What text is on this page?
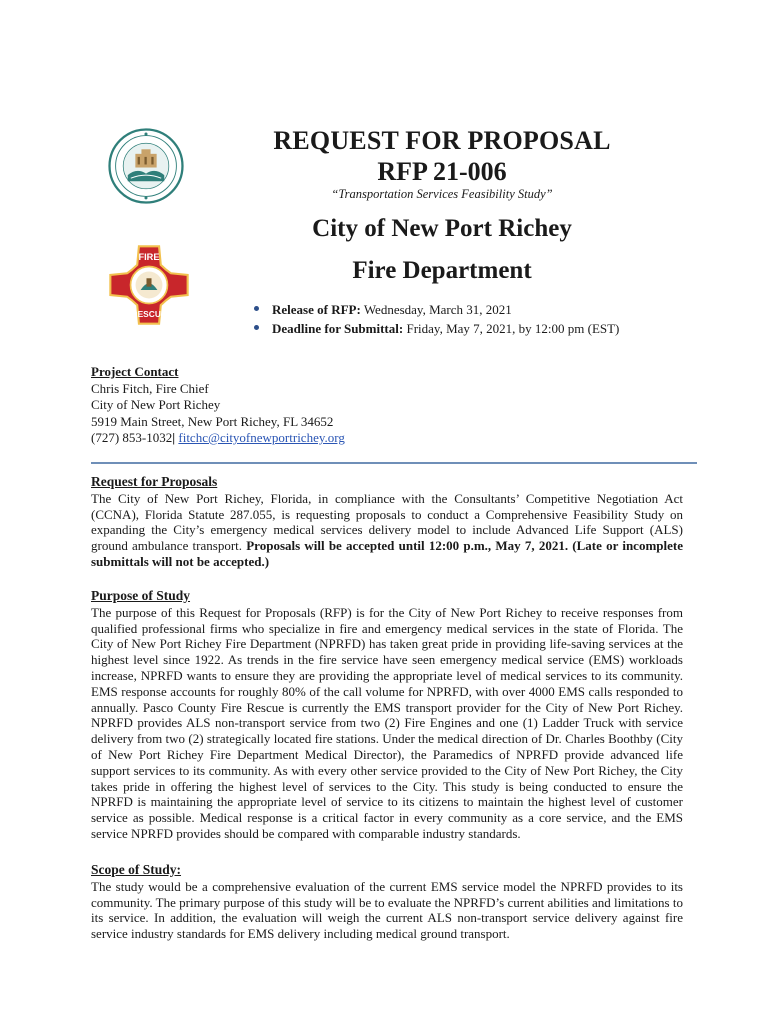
FIRE
RESCUE
REQUEST FOR PROPOSAL
RFP 21-006
“Transportation Services Feasibility Study”
City of New Port Richey
Fire Department
Release of RFP: Wednesday, March 31, 2021
Deadline for Submittal: Friday, May 7, 2021, by 12:00 pm (EST)
Project Contact
Chris Fitch, Fire Chief
City of New Port Richey
5919 Main Street, New Port Richey, FL 34652
(727) 853-1032| fitchc@cityofnewportrichey.org
Request for Proposals
The City of New Port Richey, Florida, in compliance with the Consultants’ Competitive Negotiation Act (CCNA), Florida Statute 287.055, is requesting proposals to conduct a Comprehensive Feasibility Study on expanding the City’s emergency medical services delivery model to include Advanced Life Support (ALS) ground ambulance transport. Proposals will be accepted until 12:00 p.m., May 7, 2021. (Late or incomplete submittals will not be accepted.)
Purpose of Study
The purpose of this Request for Proposals (RFP) is for the City of New Port Richey to receive responses from qualified professional firms who specialize in fire and emergency medical services in the state of Florida. The City of New Port Richey Fire Department (NPRFD) has taken great pride in providing life-saving services at the highest level since 1922. As trends in the fire service have seen emergency medical service (EMS) workloads increase, NPRFD wants to ensure they are providing the appropriate level of medical services to its community. EMS response accounts for roughly 80% of the call volume for NPRFD, with over 4000 EMS calls responded to annually. Pasco County Fire Rescue is currently the EMS transport provider for the City of New Port Richey. NPRFD provides ALS non-transport service from two (2) Fire Engines and one (1) Ladder Truck with service delivery from two (2) strategically located fire stations. Under the medical direction of Dr. Charles Boothby (City of New Port Richey Fire Department Medical Director), the Paramedics of NPRFD provide advanced life support services to its community. As with every other service provided to the City of New Port Richey, the City takes pride in offering the highest level of services to the City. This study is being conducted to ensure the NPRFD is maintaining the appropriate level of service to its citizens to maintain the highest level of customer service as possible. Medical response is a critical factor in every community as a core service, and the EMS service NPRFD provides should be compared with comparable industry standards.
Scope of Study:
The study would be a comprehensive evaluation of the current EMS service model the NPRFD provides to its community. The primary purpose of this study will be to evaluate the NPRFD’s current abilities and limitations to its service. In addition, the evaluation will weigh the current ALS non-transport service delivery against fire service industry standards for EMS delivery including medical ground transport.
